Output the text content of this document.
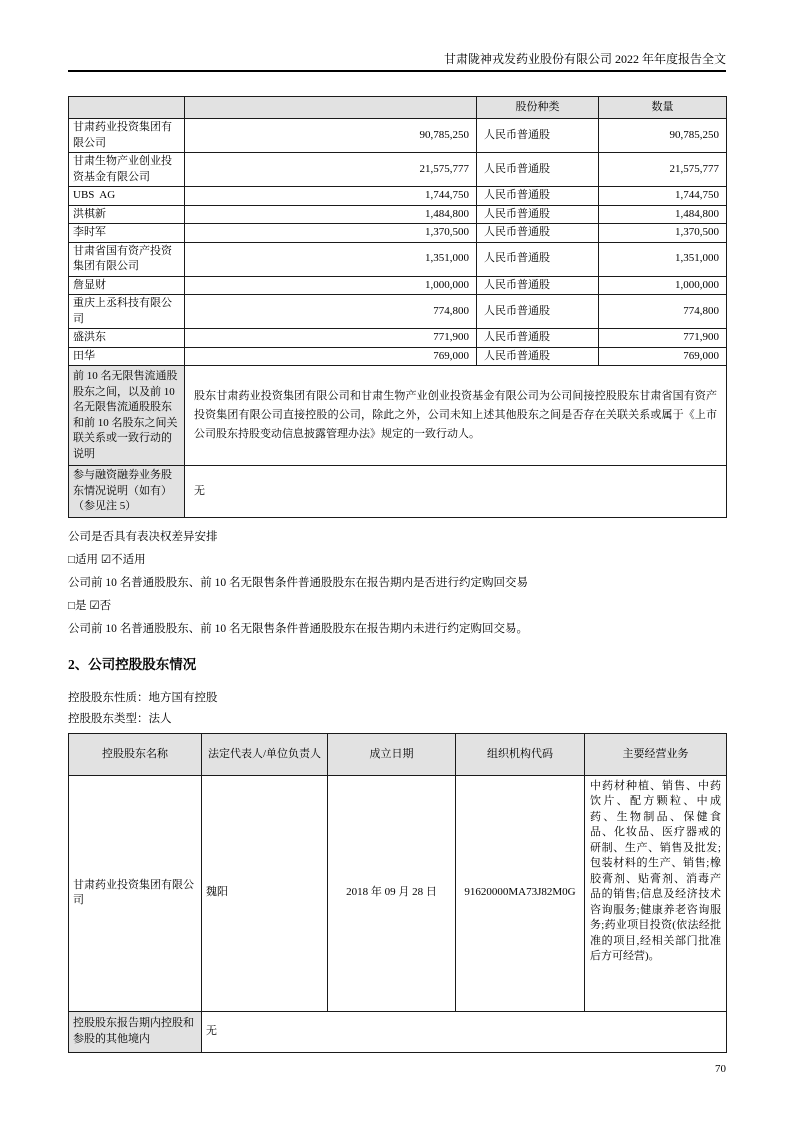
甘肃陇神戎发药业股份有限公司 2022 年年度报告全文
		股份种类	数量
甘肃药业投资集团有限公司	90,785,250	人民币普通股	90,785,250
甘肃生物产业创业投资基金有限公司	21,575,777	人民币普通股	21,575,777
UBS  AG	1,744,750	人民币普通股	1,744,750
洪棋新	1,484,800	人民币普通股	1,484,800
李时军	1,370,500	人民币普通股	1,370,500
甘肃省国有资产投资集团有限公司	1,351,000	人民币普通股	1,351,000
詹显财	1,000,000	人民币普通股	1,000,000
重庆上丞科技有限公司	774,800	人民币普通股	774,800
盛洪东	771,900	人民币普通股	771,900
田华	769,000	人民币普通股	769,000
前 10 名无限售流通股股东之间，以及前 10 名无限售流通股股东和前 10 名股东之间关联关系或一致行动的说明	股东甘肃药业投资集团有限公司和甘肃生物产业创业投资基金有限公司为公司间接控股股东甘肃省国有资产投资集团有限公司直接控股的公司，除此之外，公司未知上述其他股东之间是否存在关联关系或属于《上市公司股东持股变动信息披露管理办法》规定的一致行动人。		
参与融资融券业务股东情况说明（如有）（参见注 5）	无		

公司是否具有表决权差异安排

□适用 ☑不适用

公司前 10 名普通股股东、前 10 名无限售条件普通股股东在报告期内是否进行约定购回交易

□是 ☑否

公司前 10 名普通股股东、前 10 名无限售条件普通股股东在报告期内未进行约定购回交易。

2、公司控股股东情况

控股股东性质：地方国有控股

控股股东类型：法人

控股股东名称	法定代表人/单位负责人	成立日期	组织机构代码	主要经营业务
甘肃药业投资集团有限公司	魏阳	2018 年 09 月 28 日	91620000MA73J82M0G	中药材种植、销售、中药饮片、配方颗粒、中成药、生物制品、保健食品、化妆品、医疗器戒的研制、生产、销售及批发;包装材料的生产、销售;橡胶膏剂、贴膏剂、消毒产品的销售;信息及经济技术咨询服务;健康养老咨询服务;药业项目投资(依法经批准的项目,经相关部门批准后方可经营)。
控股股东报告期内控股和参股的其他境内	无			
70
